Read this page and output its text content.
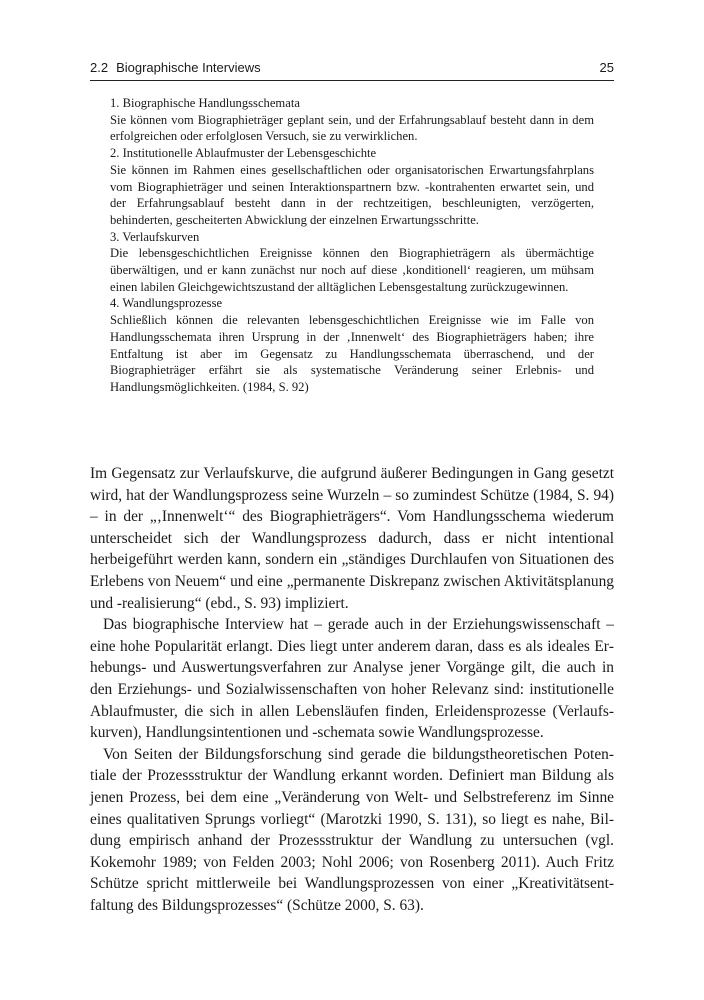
2.2 Biographische Interviews	25

1. Biographische Handlungsschemata

Sie können vom Biographieträger geplant sein, und der Erfahrungsablauf besteht dann in dem erfolgreichen oder erfolglosen Versuch, sie zu verwirklichen.

2. Institutionelle Ablaufmuster der Lebensgeschichte

Sie können im Rahmen eines gesellschaftlichen oder organisatorischen Erwartungsfahrplans vom Biographieträger und seinen Interaktionspartnern bzw. -kontrahenten erwartet sein, und der Erfahrungsablauf besteht dann in der rechtzeitigen, beschleunigten, verzögerten, behinderten, gescheiterten Abwicklung der einzelnen Erwartungsschritte.

3. Verlaufskurven

Die lebensgeschichtlichen Ereignisse können den Biographieträgern als übermächtige überwältigen, und er kann zunächst nur noch auf diese ‚konditionell‘ reagieren, um mühsam einen labilen Gleichgewichtszustand der alltäglichen Lebensgestaltung zurückzugewinnen.

4. Wandlungsprozesse

Schließlich können die relevanten lebensgeschichtlichen Ereignisse wie im Falle von Handlungsschemata ihren Ursprung in der ‚Innenwelt‘ des Biographieträgers haben; ihre Entfaltung ist aber im Gegensatz zu Handlungsschemata überraschend, und der Biographieträger erfährt sie als systematische Veränderung seiner Erlebnis- und Handlungsmöglichkeiten. (1984, S. 92)

Im Gegensatz zur Verlaufskurve, die aufgrund äußerer Bedingungen in Gang gesetzt wird, hat der Wandlungsprozess seine Wurzeln – so zumindest Schütze (1984, S. 94) – in der „‚Innenwelt‘“ des Biographieträgers“. Vom Handlungsschema wiederum unterscheidet sich der Wandlungsprozess dadurch, dass er nicht intentional herbeigeführt werden kann, sondern ein „ständiges Durchlaufen von Situationen des Erlebens von Neuem“ und eine „permanente Diskrepanz zwischen Aktivitätsplanung und -realisierung“ (ebd., S. 93) impliziert.

Das biographische Interview hat – gerade auch in der Erziehungswissenschaft – eine hohe Popularität erlangt. Dies liegt unter anderem daran, dass es als ideales Erhebungs- und Auswertungsverfahren zur Analyse jener Vorgänge gilt, die auch in den Erziehungs- und Sozialwissenschaften von hoher Relevanz sind: institutionelle Ablaufmuster, die sich in allen Lebensläufen finden, Erleidensprozesse (Verlaufskurven), Handlungsintentionen und -schemata sowie Wandlungsprozesse.

Von Seiten der Bildungsforschung sind gerade die bildungstheoretischen Potentiale der Prozessstruktur der Wandlung erkannt worden. Definiert man Bildung als jenen Prozess, bei dem eine „Veränderung von Welt- und Selbstreferenz im Sinne eines qualitativen Sprungs vorliegt“ (Marotzki 1990, S. 131), so liegt es nahe, Bildung empirisch anhand der Prozessstruktur der Wandlung zu untersuchen (vgl. Kokemohr 1989; von Felden 2003; Nohl 2006; von Rosenberg 2011). Auch Fritz Schütze spricht mittlerweile bei Wandlungsprozessen von einer „Kreativitätsentfaltung des Bildungsprozesses“ (Schütze 2000, S. 63).
